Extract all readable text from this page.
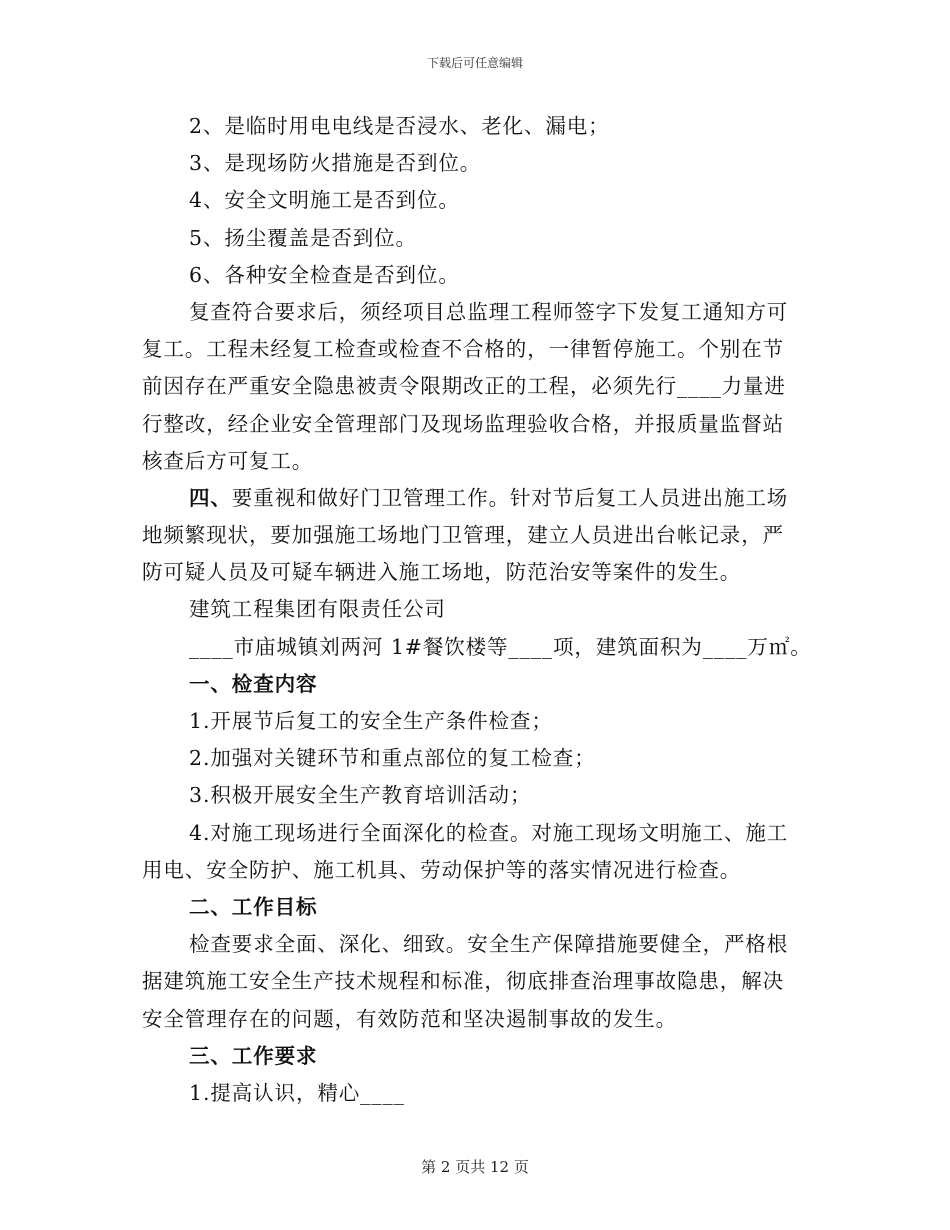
下载后可任意编辑
2、是临时用电电线是否浸水、老化、漏电；
3、是现场防火措施是否到位。
4、安全文明施工是否到位。
5、扬尘覆盖是否到位。
6、各种安全检查是否到位。
复查符合要求后，须经项目总监理工程师签字下发复工通知方可
复工。工程未经复工检查或检查不合格的，一律暂停施工。个别在节
前因存在严重安全隐患被责令限期改正的工程，必须先行____力量进
行整改，经企业安全管理部门及现场监理验收合格，并报质量监督站
核查后方可复工。
四、要重视和做好门卫管理工作。针对节后复工人员进出施工场
地频繁现状，要加强施工场地门卫管理，建立人员进出台帐记录，严
防可疑人员及可疑车辆进入施工场地，防范治安等案件的发生。
建筑工程集团有限责任公司
____市庙城镇刘两河 1#餐饮楼等____项，建筑面积为____万㎡。
一、检查内容
1.开展节后复工的安全生产条件检查；
2.加强对关键环节和重点部位的复工检查；
3.积极开展安全生产教育培训活动；
4.对施工现场进行全面深化的检查。对施工现场文明施工、施工
用电、安全防护、施工机具、劳动保护等的落实情况进行检查。
二、工作目标
检查要求全面、深化、细致。安全生产保障措施要健全，严格根
据建筑施工安全生产技术规程和标准，彻底排查治理事故隐患，解决
安全管理存在的问题，有效防范和坚决遏制事故的发生。
三、工作要求
1.提高认识，精心____
第 2 页共 12 页
